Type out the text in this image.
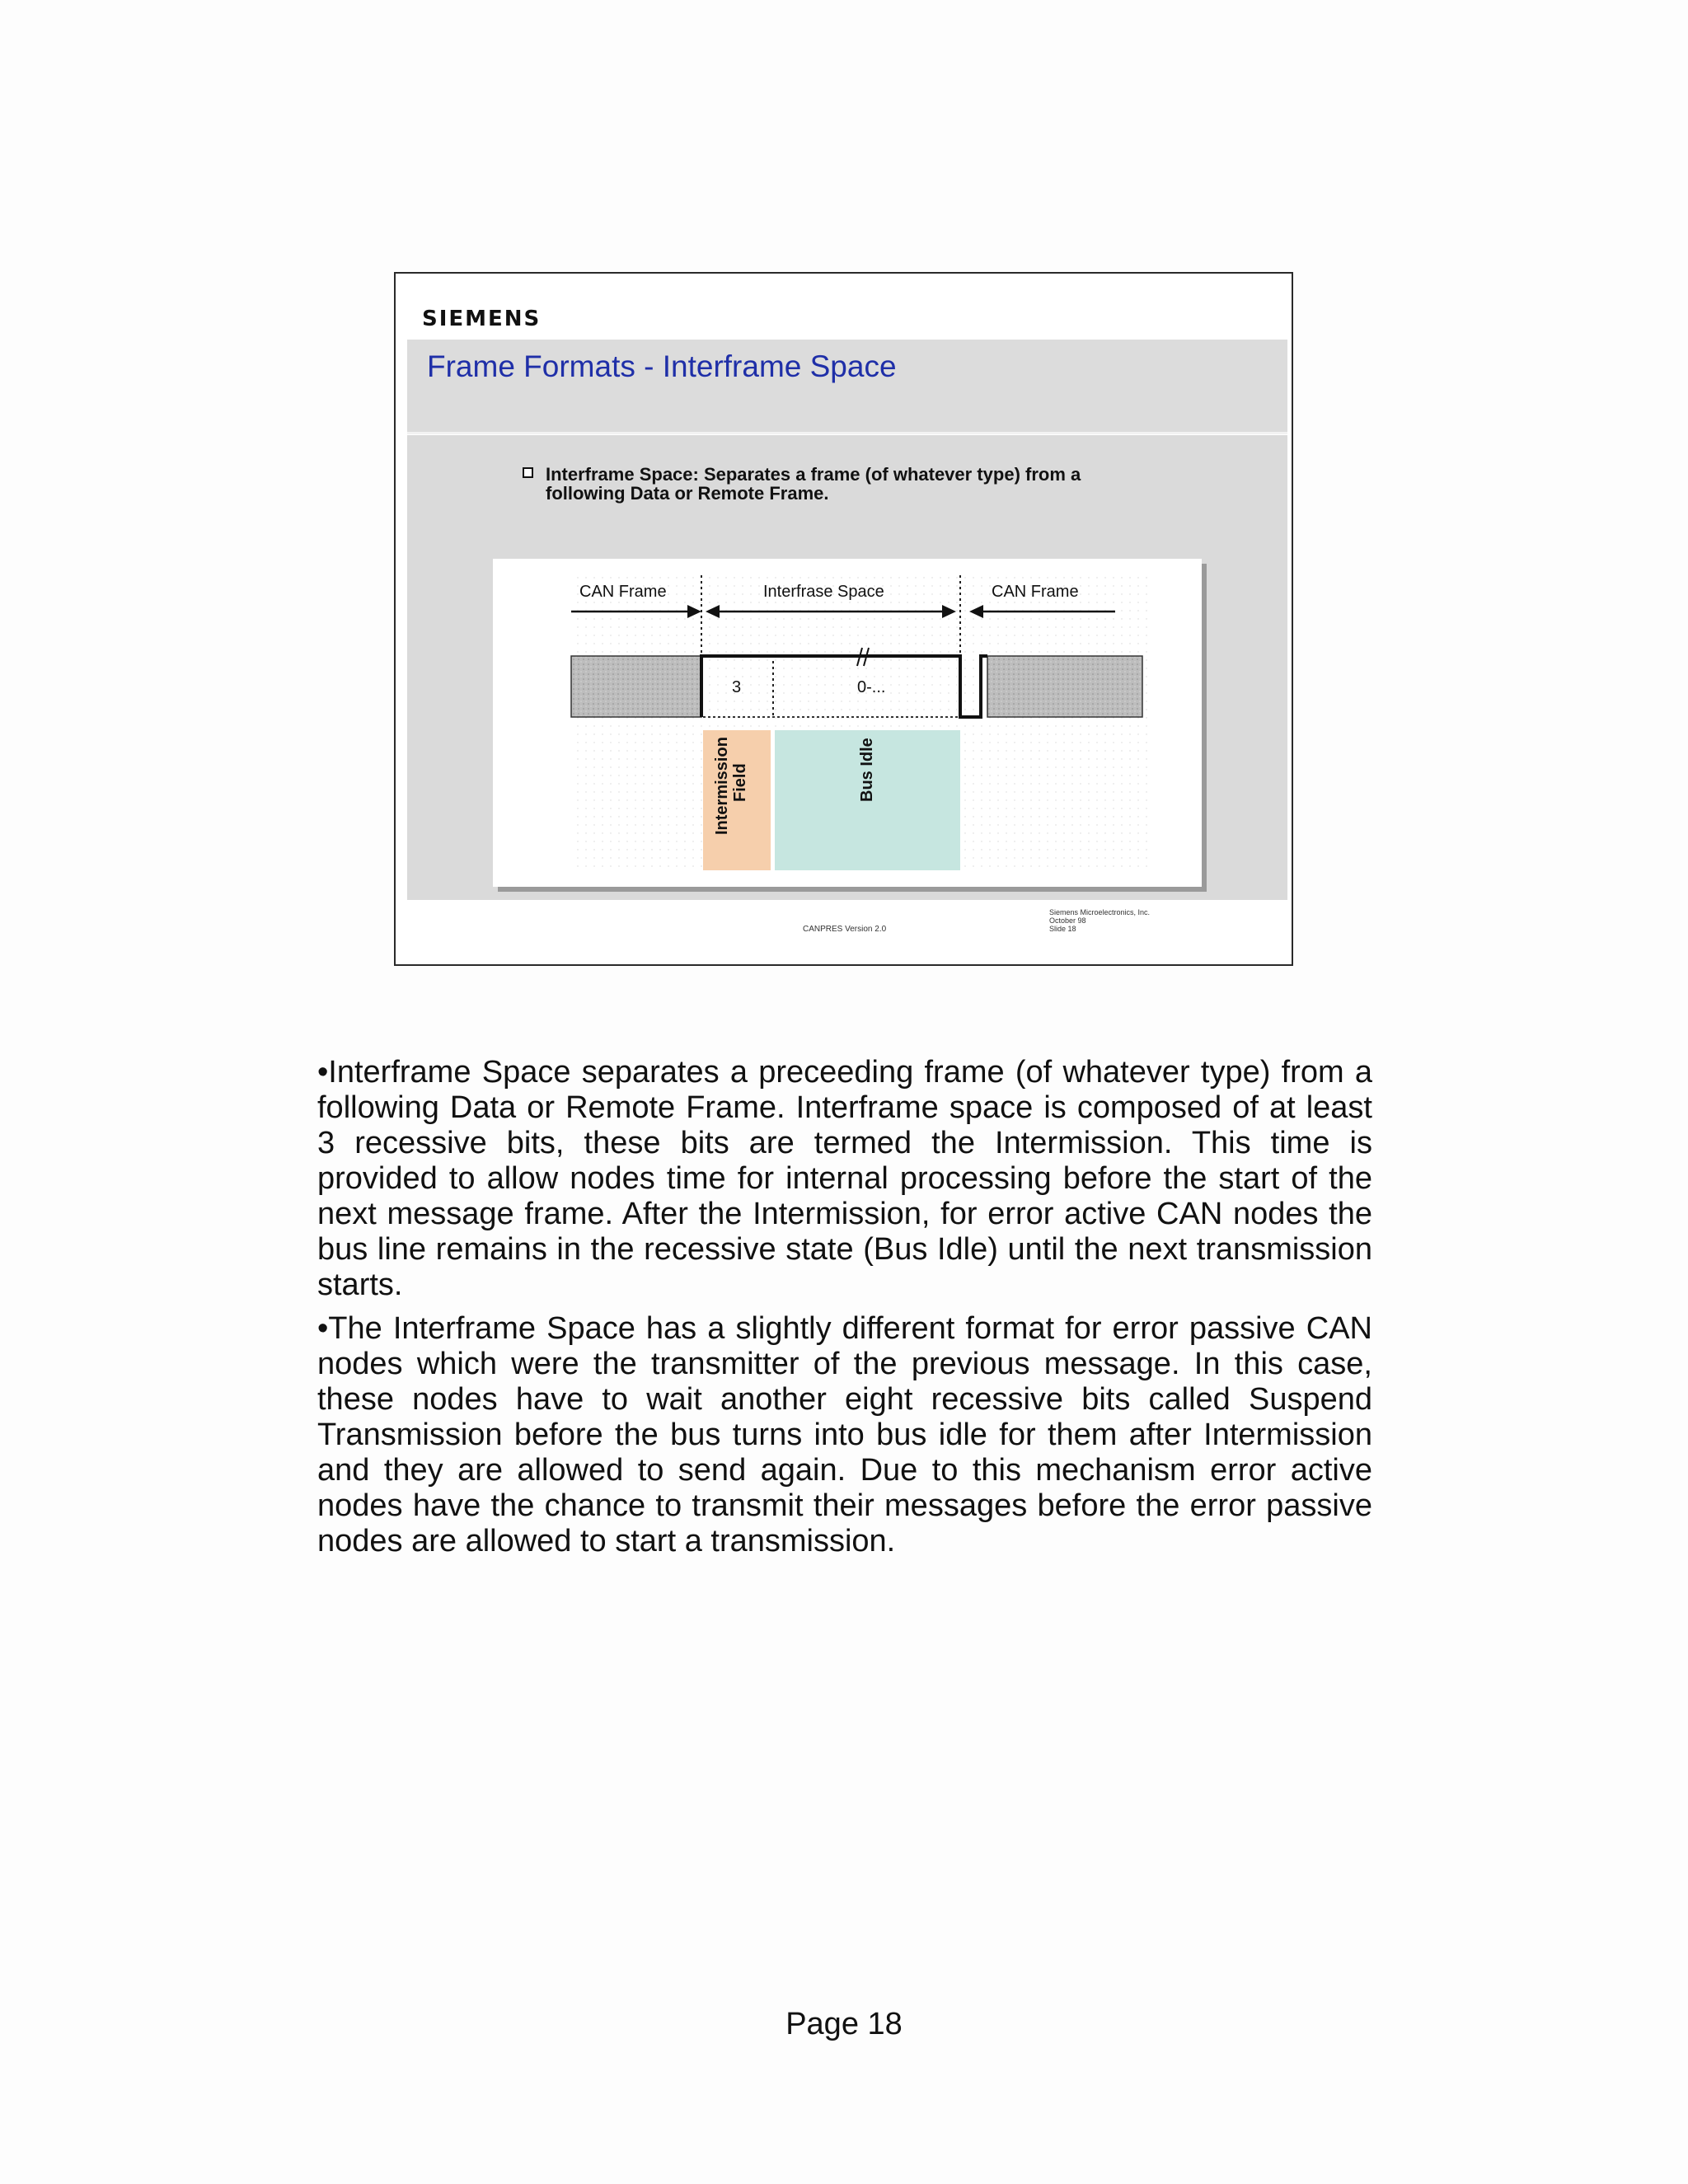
SIEMENS
Frame Formats - Interframe Space
Interframe Space: Separates a frame (of whatever type) from a
following Data or Remote Frame.
CAN Frame	Interfrase Space	CAN Frame
3	0-...
Intermission Field	Bus Idle
CANPRES Version 2.0
Siemens Microelectronics, Inc.
October 98
Slide 18

•Interframe Space separates a preceeding frame (of whatever type) from a following Data or Remote Frame. Interframe space is composed of at least 3 recessive bits, these bits are termed the Intermission. This time is provided to allow nodes time for internal processing before the start of the next message frame. After the Intermission, for error active CAN nodes the bus line remains in the recessive state (Bus Idle) until the next transmission starts.

•The Interframe Space has a slightly different format for error passive CAN nodes which were the transmitter of the previous message. In this case, these nodes have to wait another eight recessive bits called Suspend Transmission before the bus turns into bus idle for them after Intermission and they are allowed to send again. Due to this mechanism error active nodes have the chance to transmit their messages before the error passive nodes are allowed to start a transmission.

Page 18
